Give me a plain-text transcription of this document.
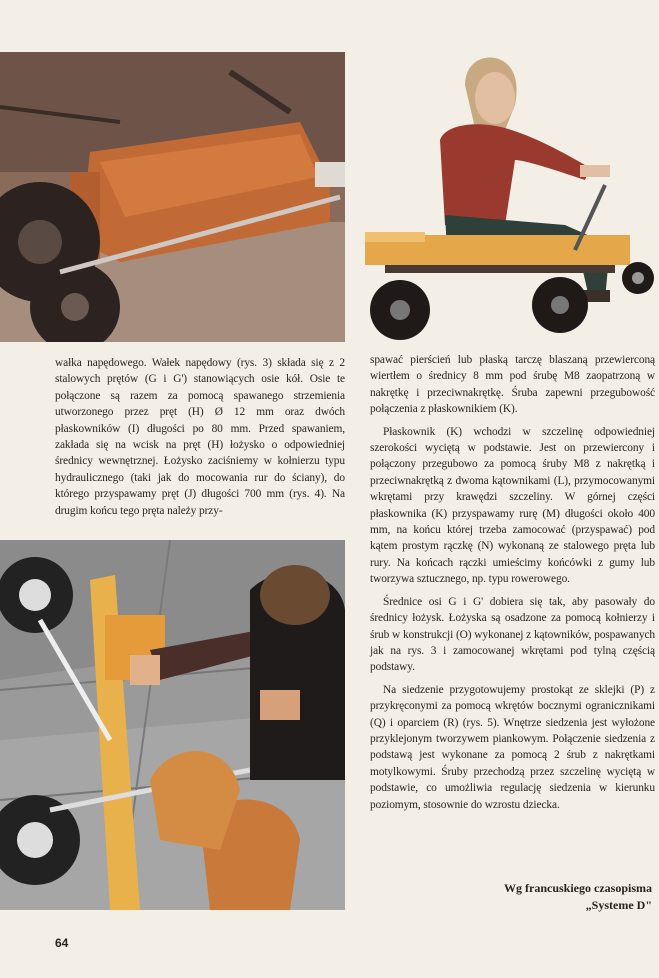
wałka napędowego. Wałek napędowy (rys. 3) składa się z 2 stalowych prętów (G i G') stanowiących osie kół. Osie te połączone są razem za pomocą spawanego strzemienia utworzonego przez pręt (H) Ø 12 mm oraz dwóch płaskowników (I) długości po 80 mm. Przed spawaniem, zakłada się na wcisk na pręt (H) łożysko o odpowiedniej średnicy wewnętrznej. Łożysko zaciśniemy w kołnierzu typu hydraulicznego (taki jak do mocowania rur do ściany), do którego przyspawamy pręt (J) długości 700 mm (rys. 4). Na drugim końcu tego pręta należy przy-

spawać pierścień lub płaską tarczę blaszaną przewierconą wiertłem o średnicy 8 mm pod śrubę M8 zaopatrzoną w nakrętkę i przeciwnakrętkę. Śruba zapewni przegubowość połączenia z płaskownikiem (K).

Płaskownik (K) wchodzi w szczelinę odpowiedniej szerokości wyciętą w podstawie. Jest on przewiercony i połączony przegubowo za pomocą śruby M8 z nakrętką i przeciwnakrętką z dwoma kątownikami (L), przymocowanymi wkrętami przy krawędzi szczeliny. W górnej części płaskownika (K) przyspawamy rurę (M) długości około 400 mm, na końcu której trzeba zamocować (przyspawać) pod kątem prostym rączkę (N) wykonaną ze stalowego pręta lub rury. Na końcach rączki umieścimy końcówki z gumy lub tworzywa sztucznego, np. typu rowerowego.

Średnice osi G i G' dobiera się tak, aby pasowały do średnicy łożysk. Łożyska są osadzone za pomocą kołnierzy i śrub w konstrukcji (O) wykonanej z kątowników, pospawanych jak na rys. 3 i zamocowanej wkrętami pod tylną częścią podstawy.

Na siedzenie przygotowujemy prostokąt ze sklejki (P) z przykręconymi za pomocą wkrętów bocznymi ogranicznikami (Q) i oparciem (R) (rys. 5). Wnętrze siedzenia jest wyłożone przyklejonym tworzywem piankowym. Połączenie siedzenia z podstawą jest wykonane za pomocą 2 śrub z nakrętkami motylkowymi. Śruby przechodzą przez szczelinę wyciętą w podstawie, co umożliwia regulację siedzenia w kierunku poziomym, stosownie do wzrostu dziecka.

Wg francuskiego czasopisma
„Systeme D"
64
